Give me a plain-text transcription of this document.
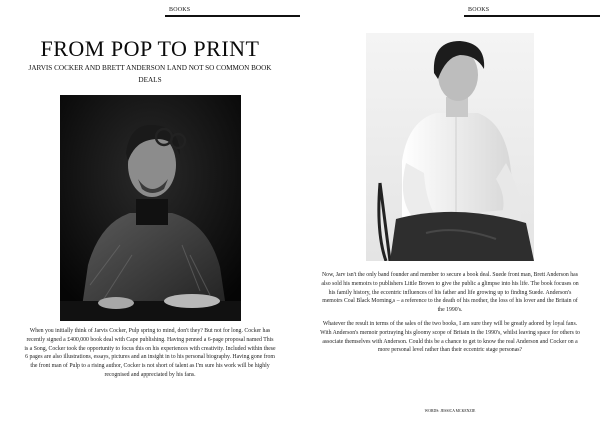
BOOKS
FROM POP TO PRINT
JARVIS COCKER AND BRETT ANDERSON LAND NOT SO COMMON BOOK DEALS
When you initially think of Jarvis Cocker, Pulp spring to mind, don't they? But not for long. Cocker has recently signed a £400,000 book deal with Cape publishing. Having penned a 6-page proposal named This is a Song, Cocker took the opportunity to focus this on his experiences with creativity. Included within these 6 pages are also illustrations, essays, pictures and an insight in to his personal biography. Having gone from the front man of Pulp to a rising author, Cocker is not short of talent as I'm sure his work will be highly recognised and appreciated by his fans.
BOOKS

Now, Jarv isn't the only band founder and member to secure a book deal. Suede front man, Brett Anderson has also sold his memoirs to publishers Little Brown to give the public a glimpse into his life. The book focuses on his family history, the eccentric influences of his father and life growing up to finding Suede. Anderson's memoirs Coal Black Morning,s – a reference to the death of his mother, the loss of his lover and the Britain of the 1990's.

Whatever the result in terms of the sales of the two books, I am sure they will be greatly adored by loyal fans. With Anderson's memoir portraying his gloomy scope of Britain in the 1990's, whilst leaving space for others to associate themselves with Anderson. Could this be a chance to get to know the real Anderson and Cocker on a more personal level rather than their eccentric stage personas?

WORDS: JESSICA MCKENZIE
